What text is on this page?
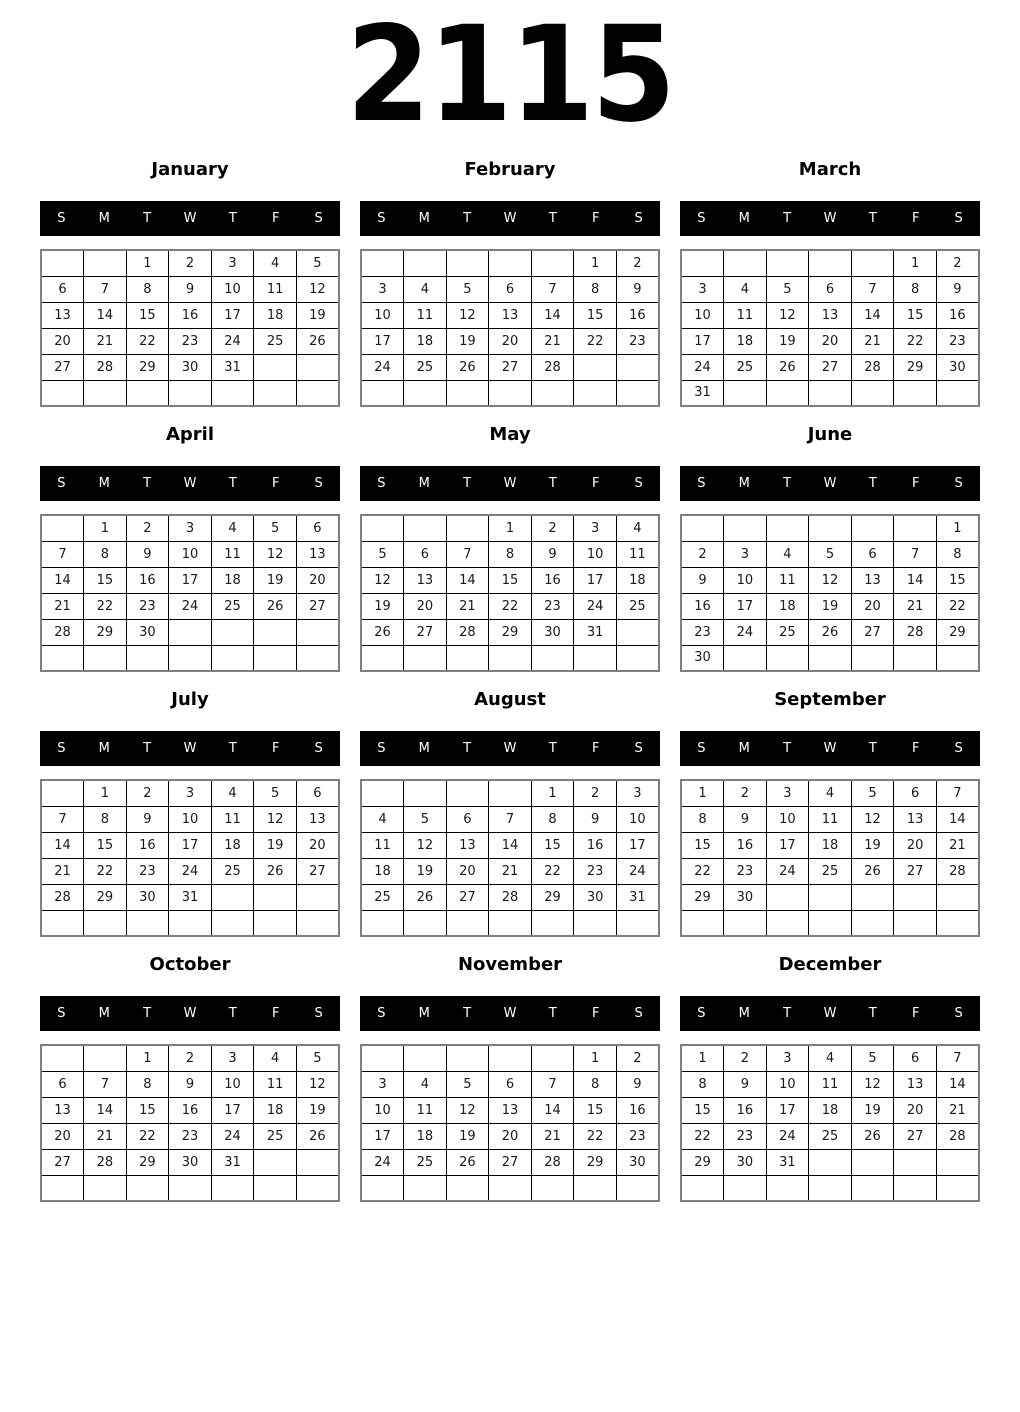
2115
January
S	M	T	W	T	F	S
		1	2	3	4	5
6	7	8	9	10	11	12
13	14	15	16	17	18	19
20	21	22	23	24	25	26
27	28	29	30	31		

February
S	M	T	W	T	F	S
					1	2
3	4	5	6	7	8	9
10	11	12	13	14	15	16
17	18	19	20	21	22	23
24	25	26	27	28		

March
S	M	T	W	T	F	S
					1	2
3	4	5	6	7	8	9
10	11	12	13	14	15	16
17	18	19	20	21	22	23
24	25	26	27	28	29	30
31						
April
S	M	T	W	T	F	S
	1	2	3	4	5	6
7	8	9	10	11	12	13
14	15	16	17	18	19	20
21	22	23	24	25	26	27
28	29	30				

May
S	M	T	W	T	F	S
			1	2	3	4
5	6	7	8	9	10	11
12	13	14	15	16	17	18
19	20	21	22	23	24	25
26	27	28	29	30	31	

June
S	M	T	W	T	F	S
						1
2	3	4	5	6	7	8
9	10	11	12	13	14	15
16	17	18	19	20	21	22
23	24	25	26	27	28	29
30						
July
S	M	T	W	T	F	S
	1	2	3	4	5	6
7	8	9	10	11	12	13
14	15	16	17	18	19	20
21	22	23	24	25	26	27
28	29	30	31			

August
S	M	T	W	T	F	S
				1	2	3
4	5	6	7	8	9	10
11	12	13	14	15	16	17
18	19	20	21	22	23	24
25	26	27	28	29	30	31

September
S	M	T	W	T	F	S
1	2	3	4	5	6	7
8	9	10	11	12	13	14
15	16	17	18	19	20	21
22	23	24	25	26	27	28
29	30					

October
S	M	T	W	T	F	S
		1	2	3	4	5
6	7	8	9	10	11	12
13	14	15	16	17	18	19
20	21	22	23	24	25	26
27	28	29	30	31		

November
S	M	T	W	T	F	S
					1	2
3	4	5	6	7	8	9
10	11	12	13	14	15	16
17	18	19	20	21	22	23
24	25	26	27	28	29	30

December
S	M	T	W	T	F	S
1	2	3	4	5	6	7
8	9	10	11	12	13	14
15	16	17	18	19	20	21
22	23	24	25	26	27	28
29	30	31				
